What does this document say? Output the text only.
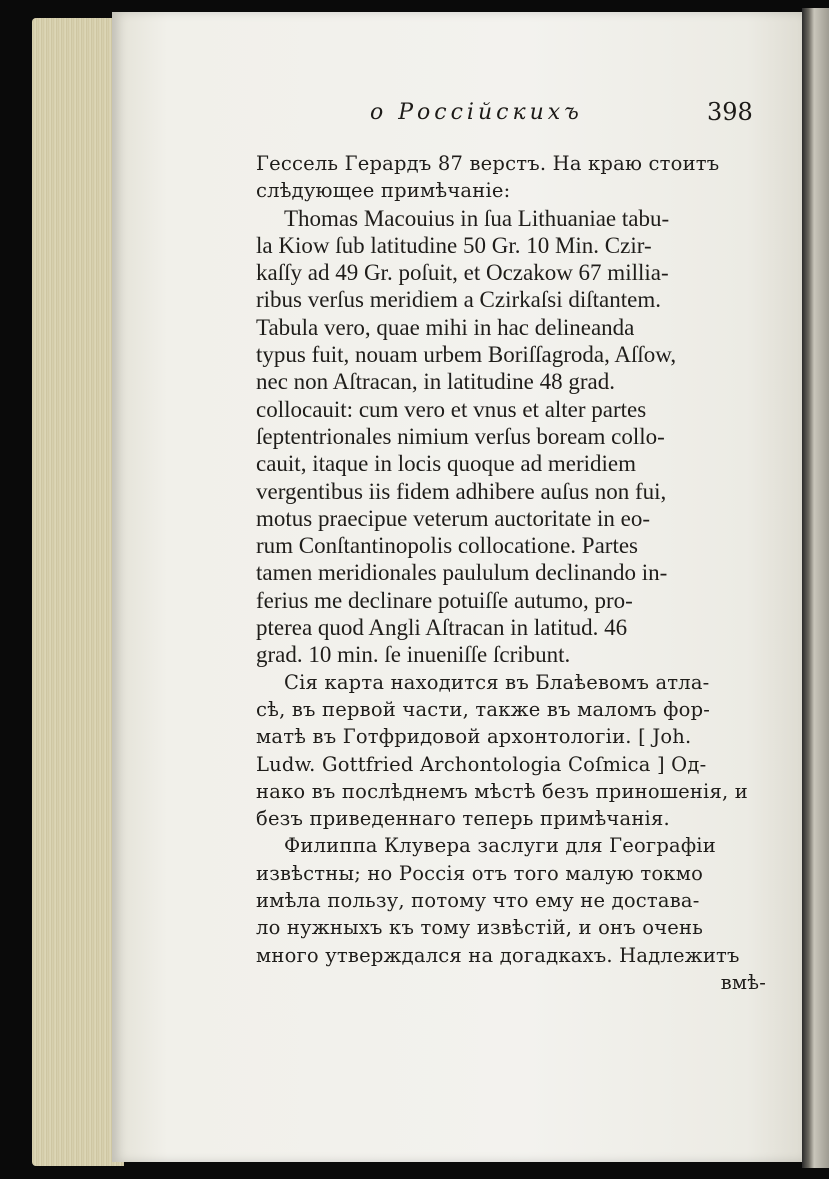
о Россійскихъ	398
Гессель Герардъ 87 верстъ. На краю стоитъ
слѣдующее примѣчаніе:
Thomas Macouius in ſua Lithuaniae tabu-
la Kiow ſub latitudine 50 Gr. 10 Min. Czir-
kaſſy ad 49 Gr. poſuit, et Oczakow 67 millia-
ribus verſus meridiem a Czirkaſsi diſtantem.
Tabula vero, quae mihi in hac delineanda
typus fuit, nouam urbem Boriſſagroda, Aſſow,
nec non Aſtracan, in latitudine 48 grad.
collocauit: cum vero et vnus et alter partes
ſeptentrionales nimium verſus boream collo-
cauit, itaque in locis quoque ad meridiem
vergentibus iis fidem adhibere auſus non fui,
motus praecipue veterum auctoritate in eo-
rum Conſtantinopolis collocatione. Partes
tamen meridionales paululum declinando in-
ferius me declinare potuiſſe autumo, pro-
pterea quod Angli Aſtracan in latitud. 46
grad. 10 min. ſe inueniſſe ſcribunt.
Сія карта находится въ Блаѣевомъ атла-
сѣ, въ первой части, также въ маломъ фор-
матѣ въ Готфридовой архонтологіи. [ Joh.
Ludw. Gottfried Archontologia Coſmica ] Од-
нако въ послѣднемъ мѣстѣ безъ приношенія, и
безъ приведеннаго теперь примѣчанія.
Филиппа Клувера заслуги для Географіи
извѣстны; но Россія отъ того малую токмо
имѣла пользу, потому что ему не достава-
ло нужныхъ къ тому извѣстій, и онъ очень
много утверждался на догадкахъ. Надлежитъ
вмѣ-
